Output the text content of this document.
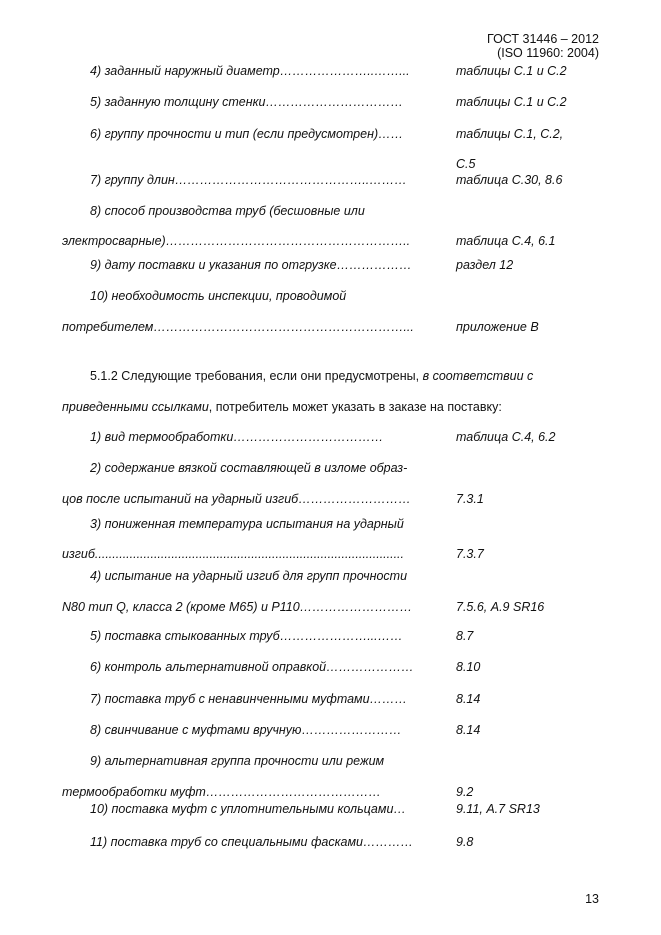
ГОСТ 31446 – 2012
(ISO 11960: 2004)
4) заданный наружный диаметр…………………..……...	таблицы С.1 и С.2
5) заданную толщину стенки……………………………	таблицы С.1 и С.2
6) группу прочности и тип (если предусмотрен)……	таблицы С.1, С.2,
С.5
7) группу длин………………………………………..………	таблица С.30, 8.6
8) способ производства труб (бесшовные или
электросварные)…………………………………………………..	таблица С.4, 6.1
9) дату поставки и указания по отгрузке………………	раздел 12
10) необходимость инспекции, проводимой
потребителем……………………………………………………...	приложение В
5.1.2 Следующие требования, если они предусмотрены, в соответствии с
приведенными ссылками, потребитель может указать в заказе на поставку:
1) вид термообработки………………………………	таблица С.4, 6.2
2) содержание вязкой составляющей в изломе образ-
цов после испытаний на ударный изгиб………………………	7.3.1
3) пониженная температура испытания на ударный
изгиб.........................................................................................	7.3.7
4) испытание на ударный изгиб для групп прочности
N80 тип Q, класса 2 (кроме М65) и Р110………………………	7.5.6, А.9 SR16
5) поставка стыкованных труб…………………...……	8.7
6) контроль альтернативной оправкой…………………	8.10
7) поставка труб с ненавинченными муфтами………	8.14
8) свинчивание с муфтами вручную……………………	8.14
9) альтернативная группа прочности или режим
термообработки муфт……………………………………	9.2
10) поставка муфт с уплотнительными кольцами…	9.11, А.7 SR13
11) поставка труб со специальными фасками…………	9.8
13
